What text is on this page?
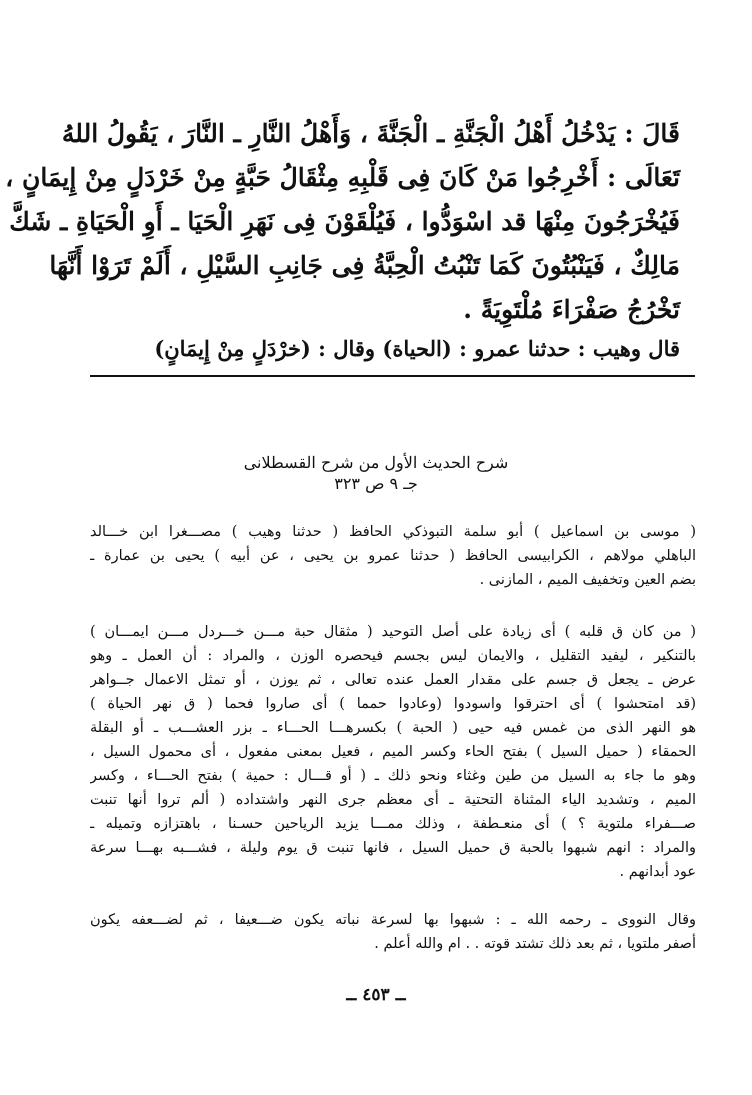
قَالَ : يَدْخُلُ أَهْلُ الْجَنَّةِ ـ الْجَنَّةَ ، وَأَهْلُ النَّارِ ـ النَّارَ ، يَقُولُ اللهُ
تَعَالَى : أَخْرِجُوا مَنْ كَانَ فِى قَلْبِهِ مِثْقَالُ حَبَّةٍ مِنْ خَرْدَلٍ مِنْ إِيمَانٍ ،
فَيُخْرَجُونَ مِنْهَا قد اسْوَدُّوا ، فَيُلْقَوْنَ فِى نَهَرِ الْحَيَا ـ أَوِ الْحَيَاةِ ـ شَكَّ
مَالِكٌ ، فَيَنْبُتُونَ كَمَا تَنْبُتُ الْحِبَّةُ فِى جَانِبِ السَّيْلِ ، أَلَمْ تَرَوْا أَنَّهَا
تَخْرُجُ صَفْرَاءَ مُلْتَوِيَةً .
قال وهيب : حدثنا عمرو : (الحياة) وقال : (خرْدَلٍ مِنْ إِيمَانٍ)
شرح الحديث الأول من شرح القسطلانى
جـ ٩ ص ٣٢٣
( موسى بن اسماعيل ) أبو سلمة التبوذكي الحافظ ( حدثنا وهيب ) مصـــغرا ابن خـــالد
الباهلي مولاهم ، الكرابيسى الحافظ ( حدثنا عمرو بن يحيى ، عن أبيه ) يحيى بن عمارة ـ
بضم العين وتخفيف الميم ، المازنى .
( من كان ق قلبه ) أى زيادة على أصل التوحيد ( مثقال حبة مـــن خـــردل مـــن ايمـــان )
بالتنكير ، ليفيد التقليل ، والايمان ليس بجسم فيحصره الوزن ، والمراد : أن العمل ـ وهو
عرض ـ يجعل ق جسم على مقدار العمل عنده تعالى ، ثم يوزن ، أو تمثل الاعمال جــواهر
(قد امتحشوا ) أى احترقوا واسودوا (وعادوا حمما ) أى صاروا فحما ( ق نهر الحياة )
هو النهر الذى من غمس فيه حيى ( الحبة ) بكسرهـــا الحـــاء ـ بزر العشـــب ـ أو البقلة
الحمقاء ( حميل السيل ) بفتح الحاء وكسر الميم ، فعيل بمعنى مفعول ، أى محمول السيل ،
وهو ما جاء به السيل من طين وغثاء ونحو ذلك ـ ( أو قـــال : حمية ) بفتح الحـــاء ، وكسر
الميم ، وتشديد الياء المثناة التحتية ـ أى معظم جرى النهر واشتداده ( ألم تروا أنها تنبت
صـــفراء ملتوية ؟ ) أى منعـطفة ، وذلك ممـــا يزيد الرياحين حسـنا ، باهتزازه وتميله ـ
والمراد : انهم شبهوا بالحبة ق حميل السيل ، فانها تنبت ق يوم وليلة ، فشـــبه بهـــا سرعة
عود أبدانهم .
وقال النووى ـ رحمه الله ـ : شبهوا بها لسرعة نباته يكون ضـــعيفا ، ثم لضـــعفه يكون
أصفر ملتويا ، ثم بعد ذلك تشتد قوته . . ام والله أعلم .
ــ ٤٥٣ ــ
